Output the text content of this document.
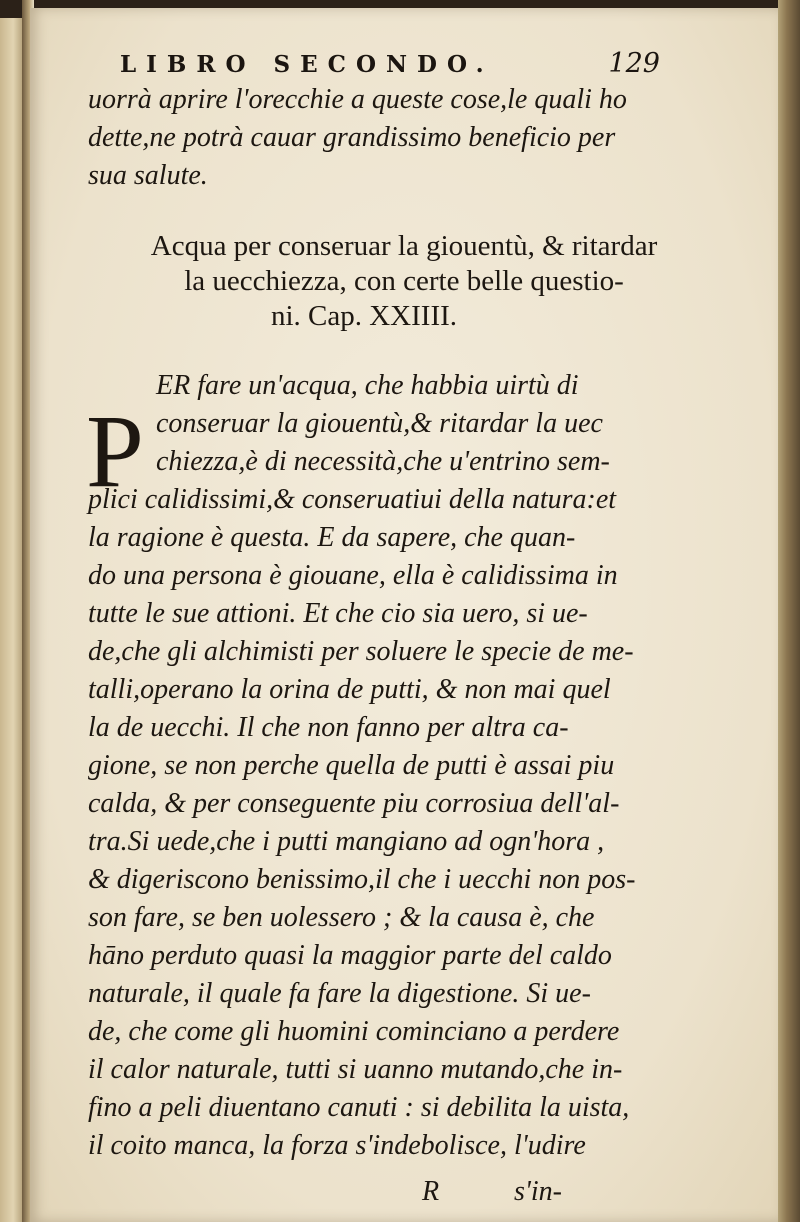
LIBRO SECONDO.	129
uorrà aprire l'orecchie a queste cose,le quali ho
dette,ne potrà cauar grandissimo beneficio per
sua salute.
Acqua per conseruar la giouentù, & ritardar
la uecchiezza, con certe belle questio-
ni. Cap. XXIIII.
P
ER fare un'acqua, che habbia uirtù di
conseruar la giouentù,& ritardar la uec
chiezza,è di necessità,che u'entrino sem-
plici calidissimi,& conseruatiui della natura:et
la ragione è questa. E da sapere, che quan-
do una persona è giouane, ella è calidissima in
tutte le sue attioni. Et che cio sia uero, si ue-
de,che gli alchimisti per soluere le specie de me-
talli,operano la orina de putti, & non mai quel
la de uecchi. Il che non fanno per altra ca-
gione, se non perche quella de putti è assai piu
calda, & per conseguente piu corrosiua dell'al-
tra.Si uede,che i putti mangiano ad ogn'hora ,
& digeriscono benissimo,il che i uecchi non pos-
son fare, se ben uolessero ; & la causa è, che
hāno perduto quasi la maggior parte del caldo
naturale, il quale fa fare la digestione. Si ue-
de, che come gli huomini cominciano a perdere
il calor naturale, tutti si uanno mutando,che in-
fino a peli diuentano canuti : si debilita la uista,
il coito manca, la forza s'indebolisce, l'udire
R	s'in-
